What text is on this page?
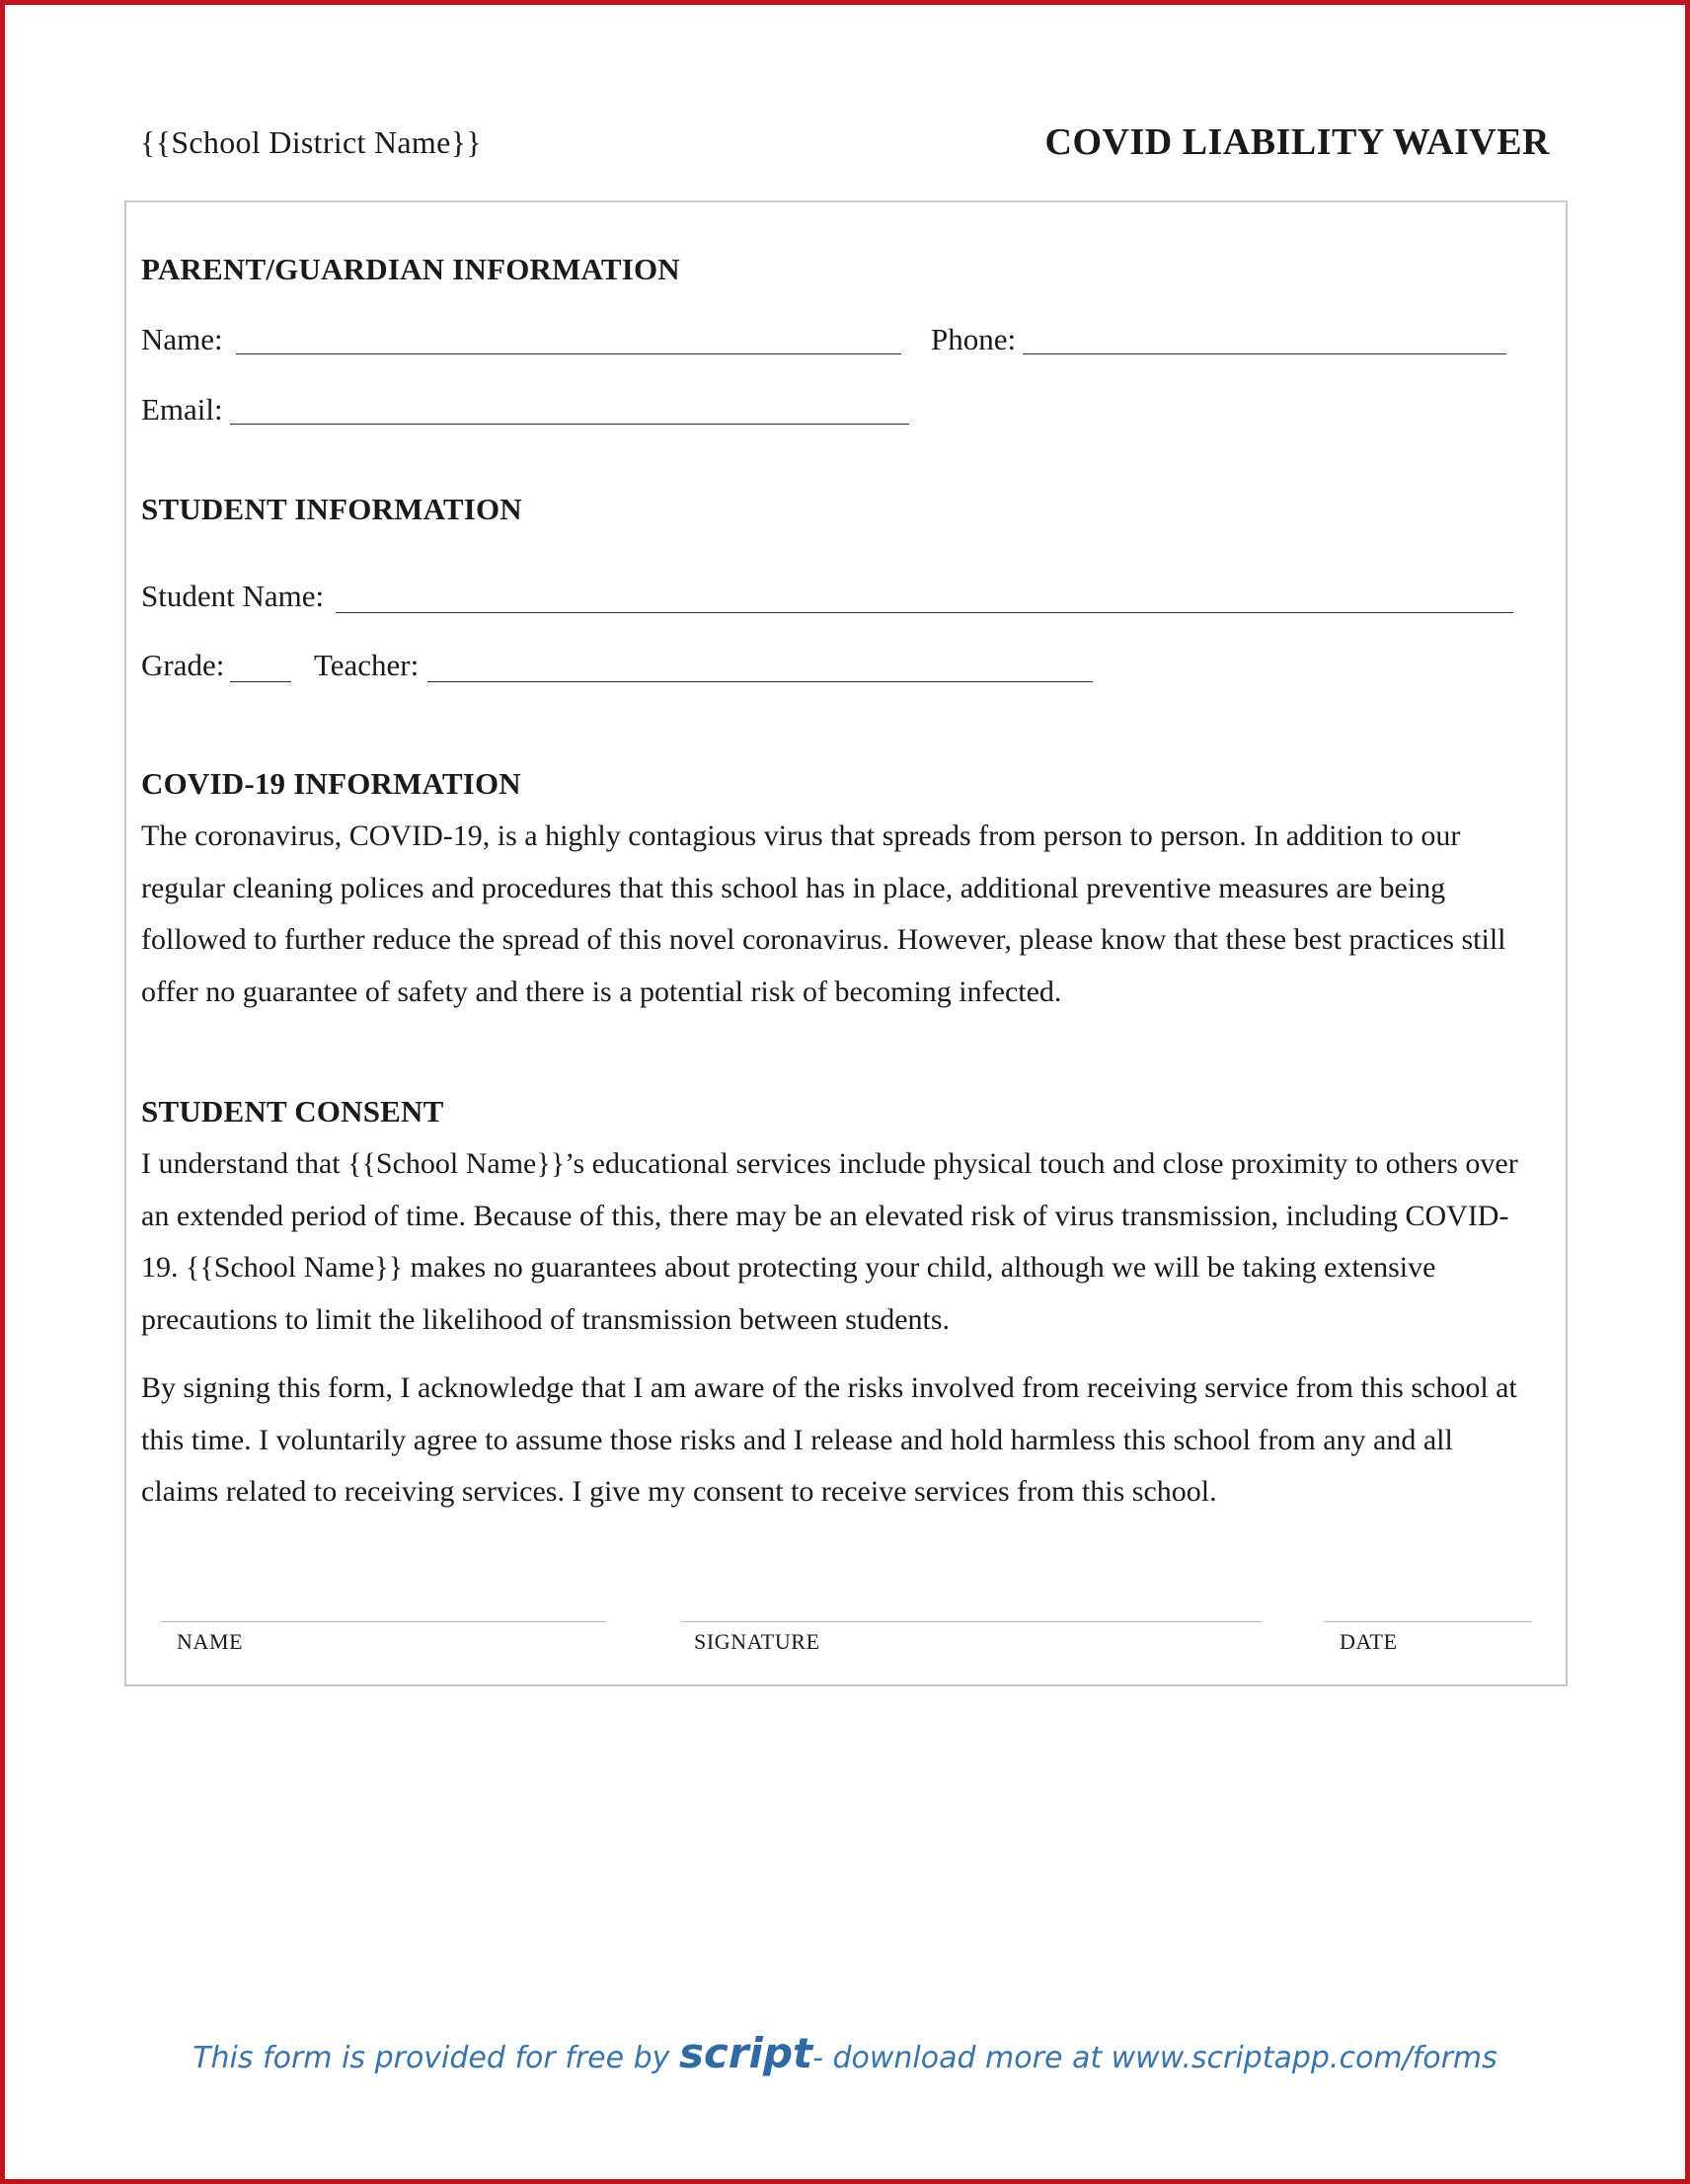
{{School District Name}}	COVID LIABILITY WAIVER
PARENT/GUARDIAN INFORMATION
Name:	Phone:
Email:
STUDENT INFORMATION
Student Name:
Grade:	Teacher:
COVID-19 INFORMATION

The coronavirus, COVID-19, is a highly contagious virus that spreads from person to person. In addition to our
regular cleaning polices and procedures that this school has in place, additional preventive measures are being
followed to further reduce the spread of this novel coronavirus. However, please know that these best practices still
offer no guarantee of safety and there is a potential risk of becoming infected.

STUDENT CONSENT

I understand that {{School Name}}’s educational services include physical touch and close proximity to others over
an extended period of time. Because of this, there may be an elevated risk of virus transmission, including COVID-
19. {{School Name}} makes no guarantees about protecting your child, although we will be taking extensive
precautions to limit the likelihood of transmission between students.

By signing this form, I acknowledge that I am aware of the risks involved from receiving service from this school at
this time. I voluntarily agree to assume those risks and I release and hold harmless this school from any and all
claims related to receiving services. I give my consent to receive services from this school.

NAME	SIGNATURE	DATE
This form is provided for free by script- download more at www.scriptapp.com/forms
